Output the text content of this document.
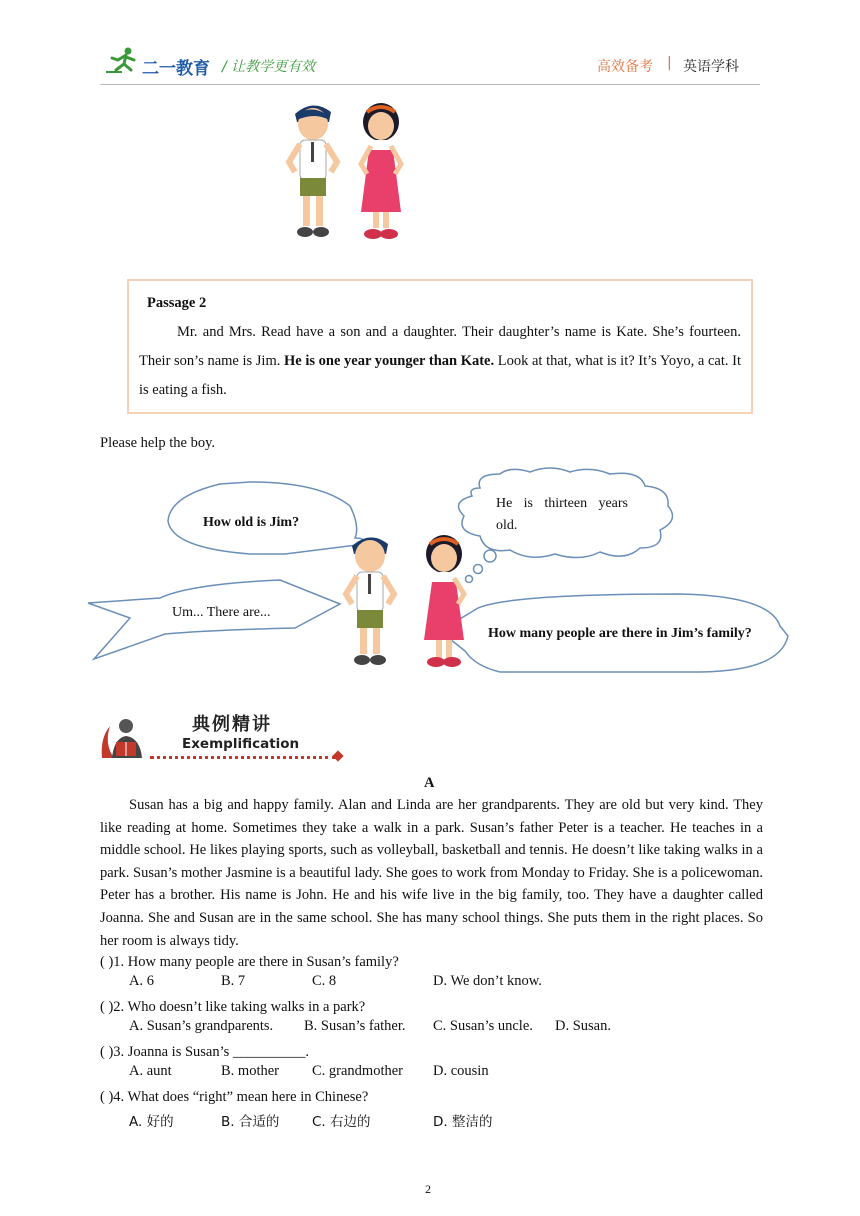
二一教育 / 让教学更有效	高效备考 | 英语学科

Passage 2

Mr. and Mrs. Read have a son and a daughter. Their daughter’s name is Kate. She’s fourteen. Their son’s name is Jim. He is one year younger than Kate. Look at that, what is it? It’s Yoyo, a cat. It is eating a fish.

Please help the boy.
How old is Jim?
He is thirteen years old.
Um... There are...
How many people are there in Jim’s family?
典例精讲
Exemplification
A
Susan has a big and happy family. Alan and Linda are her grandparents. They are old but very kind. They like reading at home. Sometimes they take a walk in a park. Susan’s father Peter is a teacher. He teaches in a middle school. He likes playing sports, such as volleyball, basketball and tennis. He doesn’t like taking walks in a park. Susan’s mother Jasmine is a beautiful lady. She goes to work from Monday to Friday. She is a policewoman. Peter has a brother. His name is John. He and his wife live in the big family, too. They have a daughter called Joanna. She and Susan are in the same school. She has many school things. She puts them in the right places. So her room is always tidy.
( )1. How many people are there in Susan’s family?
A. 6	B. 7	C. 8	D. We don’t know.
( )2. Who doesn’t like taking walks in a park?
A. Susan’s grandparents. B. Susan’s father. C. Susan’s uncle. D. Susan.
( )3. Joanna is Susan’s __________.
A. aunt	B. mother C. grandmother D. cousin
( )4. What does “right” mean here in Chinese?
A. 好的	B. 合适的 C. 右边的	D. 整洁的
2
